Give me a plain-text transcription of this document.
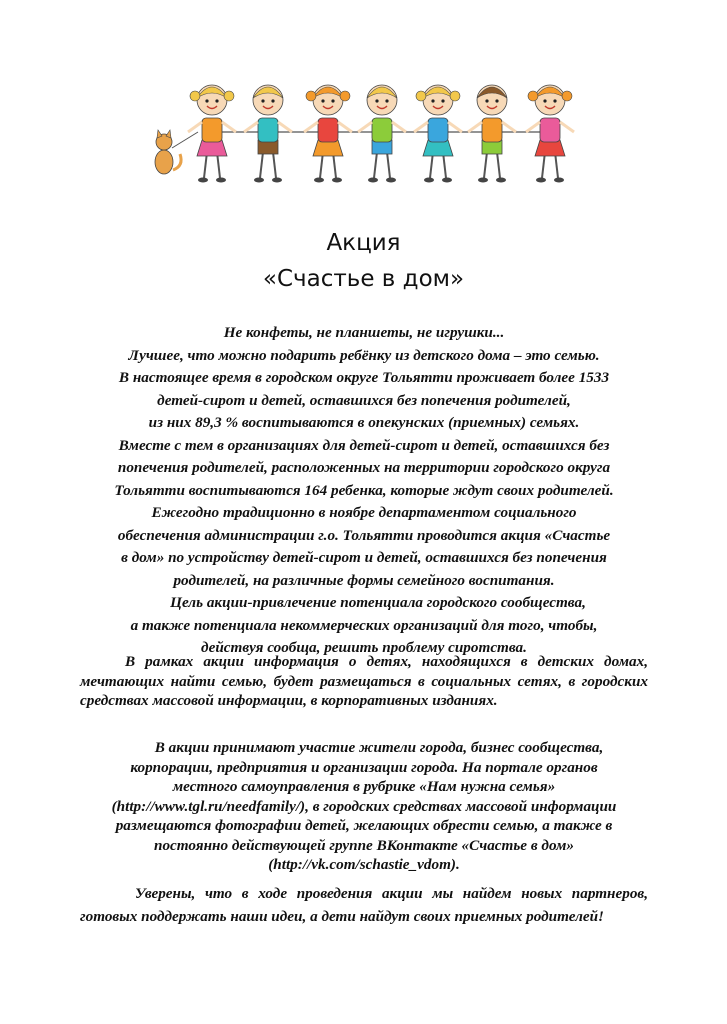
Акция
«Счастье в дом»
Не конфеты, не планшеты, не игрушки...
Лучшее, что можно подарить ребёнку из детского дома – это семью.
В настоящее время в городском округе Тольятти проживает более 1533
детей-сирот и детей, оставшихся без попечения родителей,
из них 89,3 % воспитываются в опекунских (приемных) семьях.
Вместе с тем в организациях для детей-сирот и детей, оставшихся без
попечения родителей, расположенных на территории городского округа
Тольятти воспитываются 164 ребенка, которые ждут своих родителей.
Ежегодно традиционно в ноябре департаментом социального
обеспечения администрации г.о. Тольятти проводится акция «Счастье
в дом» по устройству детей-сирот и детей, оставшихся без попечения
родителей, на различные формы семейного воспитания.
Цель акции-привлечение потенциала городского сообщества,
а также потенциала некоммерческих организаций для того, чтобы,
действуя сообща, решить проблему сиротства.

В рамках акции информация о детях, находящихся в детских домах, мечтающих найти семью, будет размещаться в социальных сетях, в городских средствах массовой информации, в корпоративных изданиях.

В акции принимают участие жители города, бизнес сообщества,
корпорации, предприятия и организации города. На портале органов
местного самоуправления в рубрике «Нам нужна семья»
(http://www.tgl.ru/needfamily/), в городских средствах массовой информации
размещаются фотографии детей, желающих обрести семью, а также в
постоянно действующей группе ВКонтакте «Счастье в дом»
(http://vk.com/schastie_vdom).

Уверены, что в ходе проведения акции мы найдем новых партнеров, готовых поддержать наши идеи, а дети найдут своих приемных родителей!
